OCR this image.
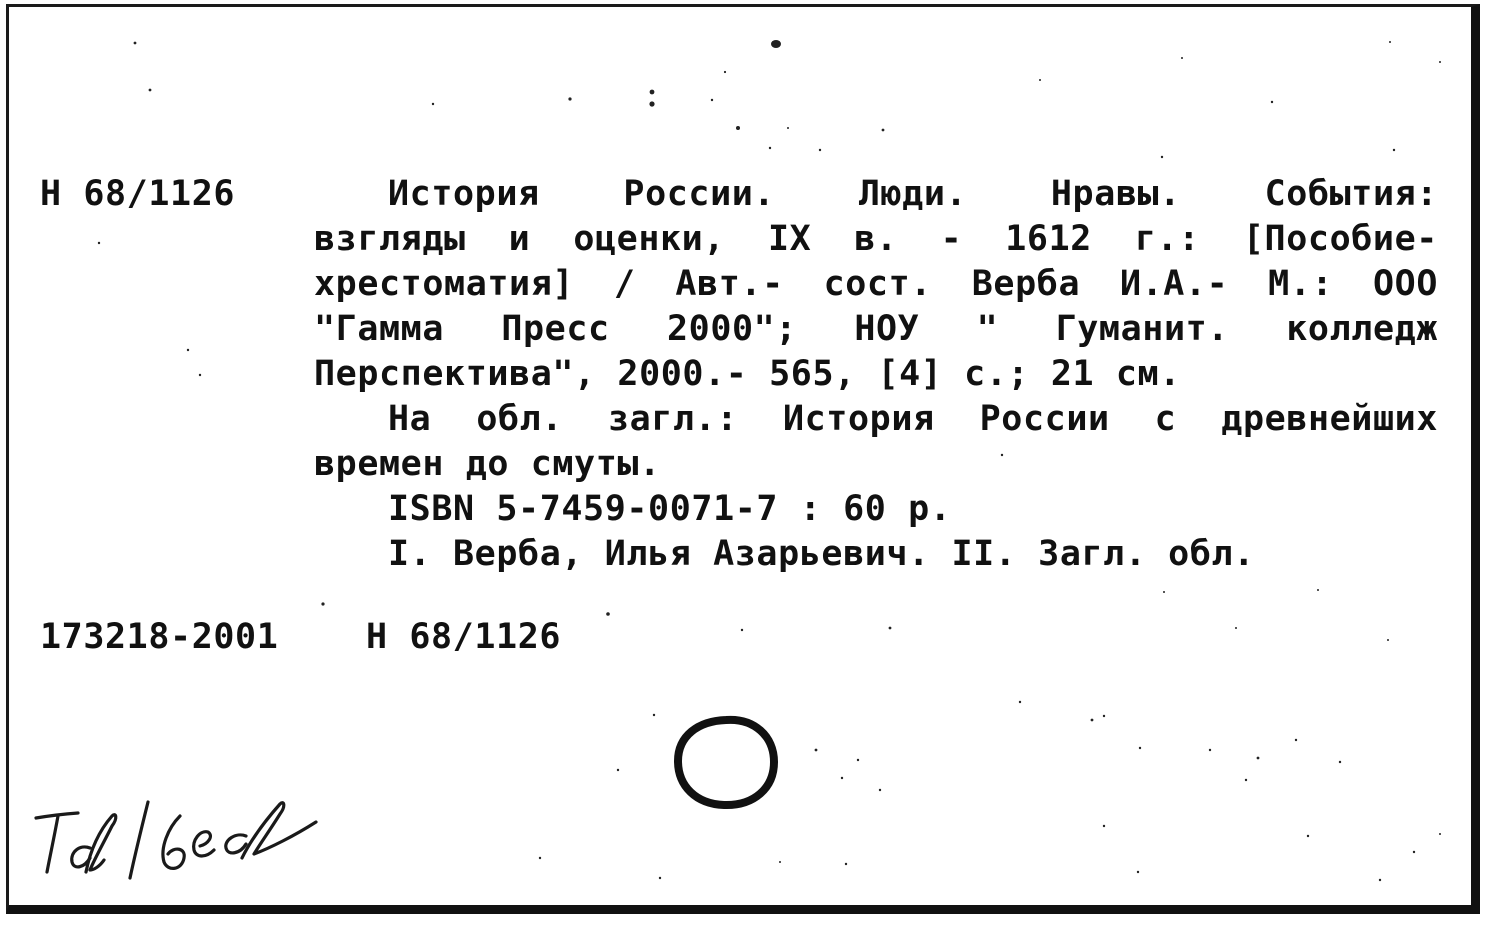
Н 68/1126	История России. Люди. Нравы. События:
взгляды и оценки, IX в. - 1612 г.: [Пособие-
хрестоматия] / Авт.- сост. Верба И.А.- М.: ООО
"Гамма Пресс 2000"; НОУ " Гуманит. колледж
Перспектива", 2000.- 565, [4] с.; 21 см.
На обл. загл.: История России с древнейших
времен до смуты.
ISBN 5-7459-0071-7 : 60 р.
I. Верба, Илья Азарьевич. II. Загл. обл.
173218-2001	Н 68/1126
